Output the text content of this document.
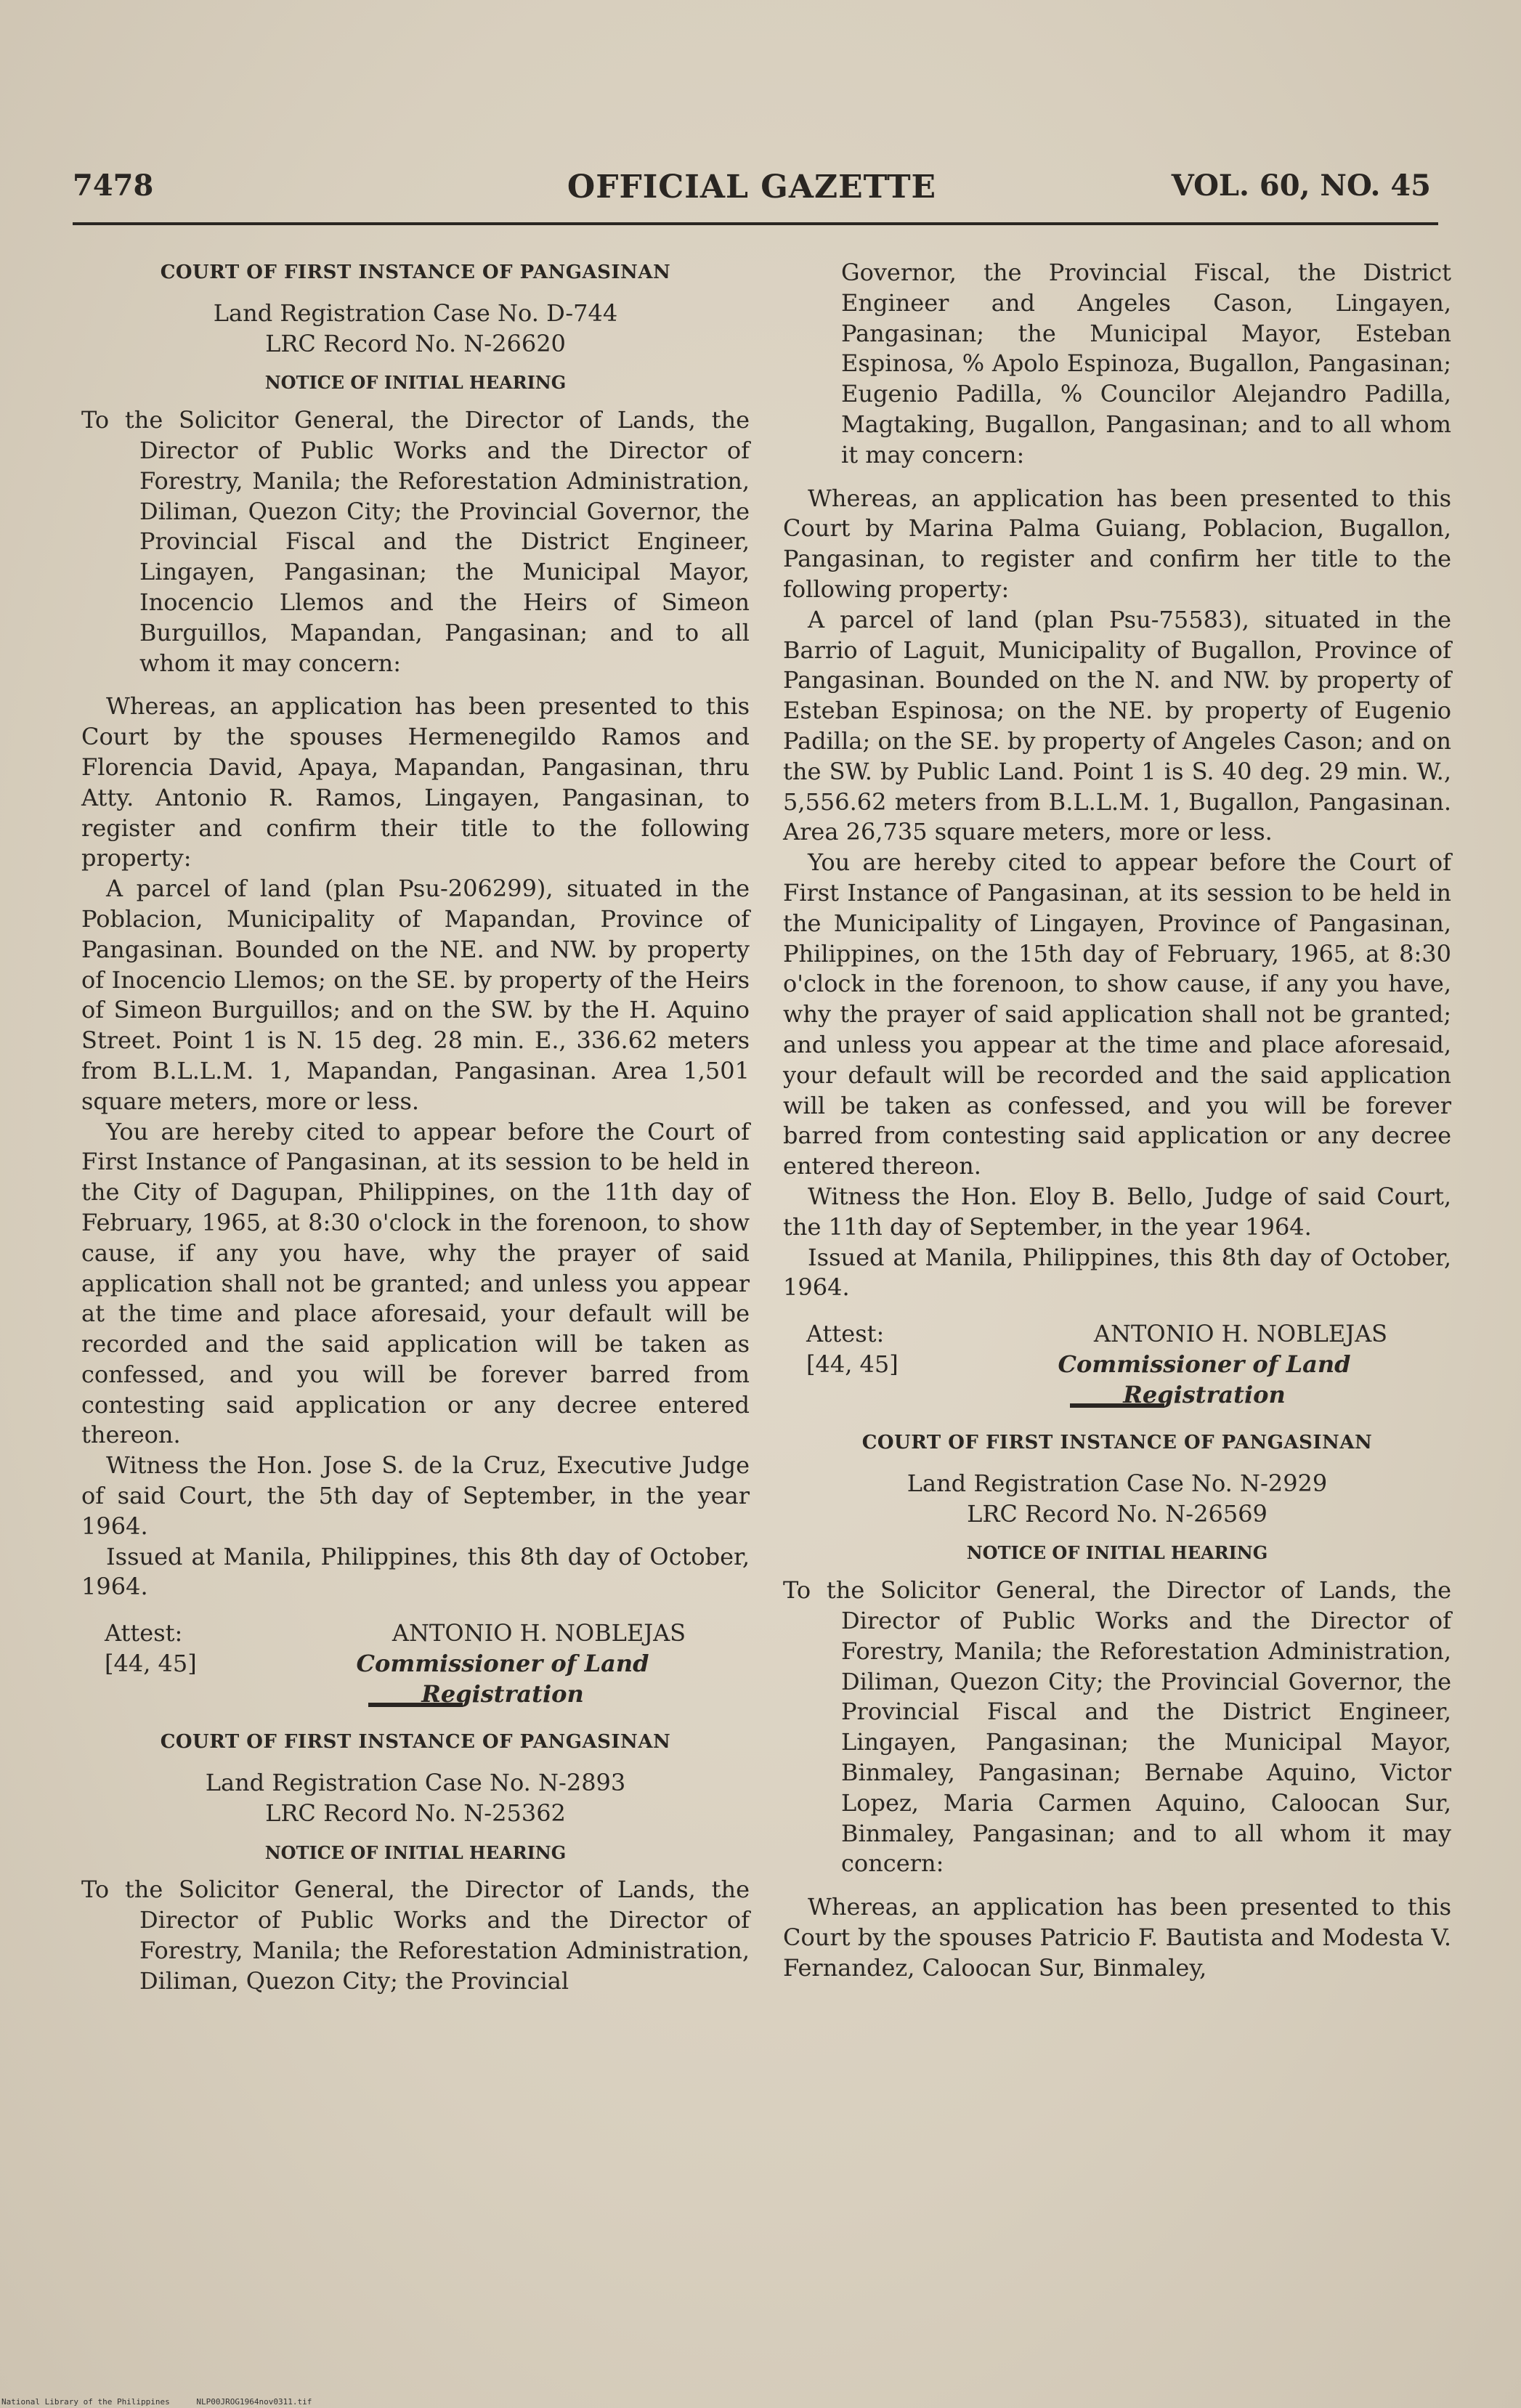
7478	OFFICIAL GAZETTE	VOL. 60, NO. 45
COURT OF FIRST INSTANCE OF PANGASINAN

Land Registration Case No. D-744

LRC Record No. N-26620

NOTICE OF INITIAL HEARING

To the Solicitor General, the Director of Lands, the Director of Public Works and the Director of Forestry, Manila; the Reforestation Administration, Diliman, Quezon City; the Provincial Governor, the Provincial Fiscal and the District Engineer, Lingayen, Pangasinan; the Municipal Mayor, Inocencio Llemos and the Heirs of Simeon Burguillos, Mapandan, Pangasinan; and to all whom it may concern:

Whereas, an application has been presented to this Court by the spouses Hermenegildo Ramos and Florencia David, Apaya, Mapandan, Pangasinan, thru Atty. Antonio R. Ramos, Lingayen, Pangasinan, to register and confirm their title to the following property:

A parcel of land (plan Psu-206299), situated in the Poblacion, Municipality of Mapandan, Province of Pangasinan. Bounded on the NE. and NW. by property of Inocencio Llemos; on the SE. by property of the Heirs of Simeon Burguillos; and on the SW. by the H. Aquino Street. Point 1 is N. 15 deg. 28 min. E., 336.62 meters from B.L.L.M. 1, Mapandan, Pangasinan. Area 1,501 square meters, more or less.

You are hereby cited to appear before the Court of First Instance of Pangasinan, at its session to be held in the City of Dagupan, Philippines, on the 11th day of February, 1965, at 8:30 o'clock in the forenoon, to show cause, if any you have, why the prayer of said application shall not be granted; and unless you appear at the time and place aforesaid, your default will be recorded and the said application will be taken as confessed, and you will be forever barred from contesting said application or any decree entered thereon.

Witness the Hon. Jose S. de la Cruz, Executive Judge of said Court, the 5th day of September, in the year 1964.

Issued at Manila, Philippines, this 8th day of October, 1964.

Attest:
[44, 45]
ANTONIO H. NOBLEJAS
Commissioner of Land Registration
COURT OF FIRST INSTANCE OF PANGASINAN

Land Registration Case No. N-2893

LRC Record No. N-25362

NOTICE OF INITIAL HEARING

To the Solicitor General, the Director of Lands, the Director of Public Works and the Director of Forestry, Manila; the Reforestation Administration, Diliman, Quezon City; the Provincial

Governor, the Provincial Fiscal, the District Engineer and Angeles Cason, Lingayen, Pangasinan; the Municipal Mayor, Esteban Espinosa, % Apolo Espinoza, Bugallon, Pangasinan; Eugenio Padilla, % Councilor Alejandro Padilla, Magtaking, Bugallon, Pangasinan; and to all whom it may concern:

Whereas, an application has been presented to this Court by Marina Palma Guiang, Poblacion, Bugallon, Pangasinan, to register and confirm her title to the following property:

A parcel of land (plan Psu-75583), situated in the Barrio of Laguit, Municipality of Bugallon, Province of Pangasinan. Bounded on the N. and NW. by property of Esteban Espinosa; on the NE. by property of Eugenio Padilla; on the SE. by property of Angeles Cason; and on the SW. by Public Land. Point 1 is S. 40 deg. 29 min. W., 5,556.62 meters from B.L.L.M. 1, Bugallon, Pangasinan. Area 26,735 square meters, more or less.

You are hereby cited to appear before the Court of First Instance of Pangasinan, at its session to be held in the Municipality of Lingayen, Province of Pangasinan, Philippines, on the 15th day of February, 1965, at 8:30 o'clock in the forenoon, to show cause, if any you have, why the prayer of said application shall not be granted; and unless you appear at the time and place aforesaid, your default will be recorded and the said application will be taken as confessed, and you will be forever barred from contesting said application or any decree entered thereon.

Witness the Hon. Eloy B. Bello, Judge of said Court, the 11th day of September, in the year 1964.

Issued at Manila, Philippines, this 8th day of October, 1964.

Attest:
[44, 45]
ANTONIO H. NOBLEJAS
Commissioner of Land Registration
COURT OF FIRST INSTANCE OF PANGASINAN

Land Registration Case No. N-2929

LRC Record No. N-26569

NOTICE OF INITIAL HEARING

To the Solicitor General, the Director of Lands, the Director of Public Works and the Director of Forestry, Manila; the Reforestation Administration, Diliman, Quezon City; the Provincial Governor, the Provincial Fiscal and the District Engineer, Lingayen, Pangasinan; the Municipal Mayor, Binmaley, Pangasinan; Bernabe Aquino, Victor Lopez, Maria Carmen Aquino, Caloocan Sur, Binmaley, Pangasinan; and to all whom it may concern:

Whereas, an application has been presented to this Court by the spouses Patricio F. Bautista and Modesta V. Fernandez, Caloocan Sur, Binmaley,

National Library of the Philippines	NLP00JROG1964nov0311.tif
